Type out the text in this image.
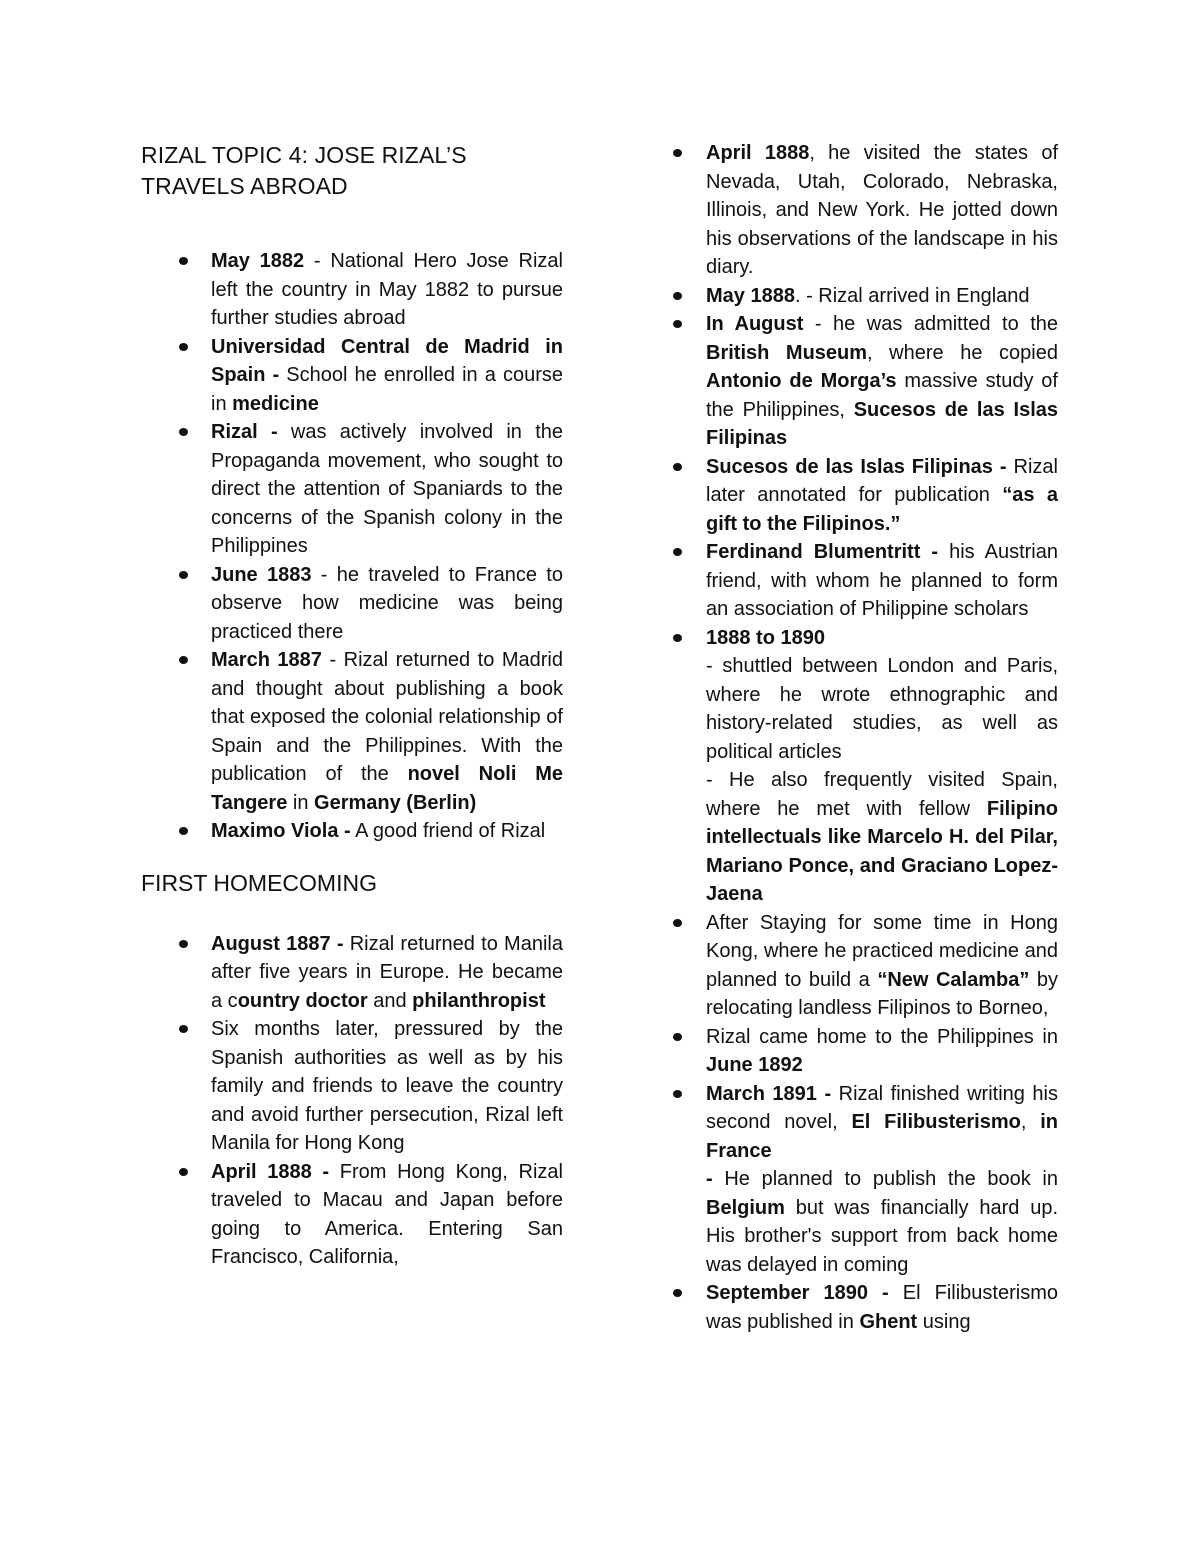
RIZAL TOPIC 4: JOSE RIZAL’S TRAVELS ABROAD
May 1882 - National Hero Jose Rizal left the country in May 1882 to pursue further studies abroad
Universidad Central de Madrid in Spain - School he enrolled in a course in medicine
Rizal - was actively involved in the Propaganda movement, who sought to direct the attention of Spaniards to the concerns of the Spanish colony in the Philippines
June 1883 - he traveled to France to observe how medicine was being practiced there
March 1887 - Rizal returned to Madrid and thought about publishing a book that exposed the colonial relationship of Spain and the Philippines. With the publication of the novel Noli Me Tangere in Germany (Berlin)
Maximo Viola - A good friend of Rizal
FIRST HOMECOMING
August 1887 - Rizal returned to Manila after five years in Europe. He became a country doctor and philanthropist
Six months later, pressured by the Spanish authorities as well as by his family and friends to leave the country and avoid further persecution, Rizal left Manila for Hong Kong
April 1888 - From Hong Kong, Rizal traveled to Macau and Japan before going to America. Entering San Francisco, California,
April 1888, he visited the states of Nevada, Utah, Colorado, Nebraska, Illinois, and New York. He jotted down his observations of the landscape in his diary.
May 1888. - Rizal arrived in England
In August - he was admitted to the British Museum, where he copied Antonio de Morga’s massive study of the Philippines, Sucesos de las Islas Filipinas
Sucesos de las Islas Filipinas - Rizal later annotated for publication “as a gift to the Filipinos.”
Ferdinand Blumentritt - his Austrian friend, with whom he planned to form an association of Philippine scholars
1888 to 1890
- shuttled between London and Paris, where he wrote ethnographic and history-related studies, as well as political articles
- He also frequently visited Spain, where he met with fellow Filipino intellectuals like Marcelo H. del Pilar, Mariano Ponce, and Graciano Lopez-Jaena
After Staying for some time in Hong Kong, where he practiced medicine and planned to build a “New Calamba” by relocating landless Filipinos to Borneo,
Rizal came home to the Philippines in June 1892
March 1891 - Rizal finished writing his second novel, El Filibusterismo, in France
- He planned to publish the book in Belgium but was financially hard up. His brother's support from back home was delayed in coming
September 1890 - El Filibusterismo was published in Ghent using
